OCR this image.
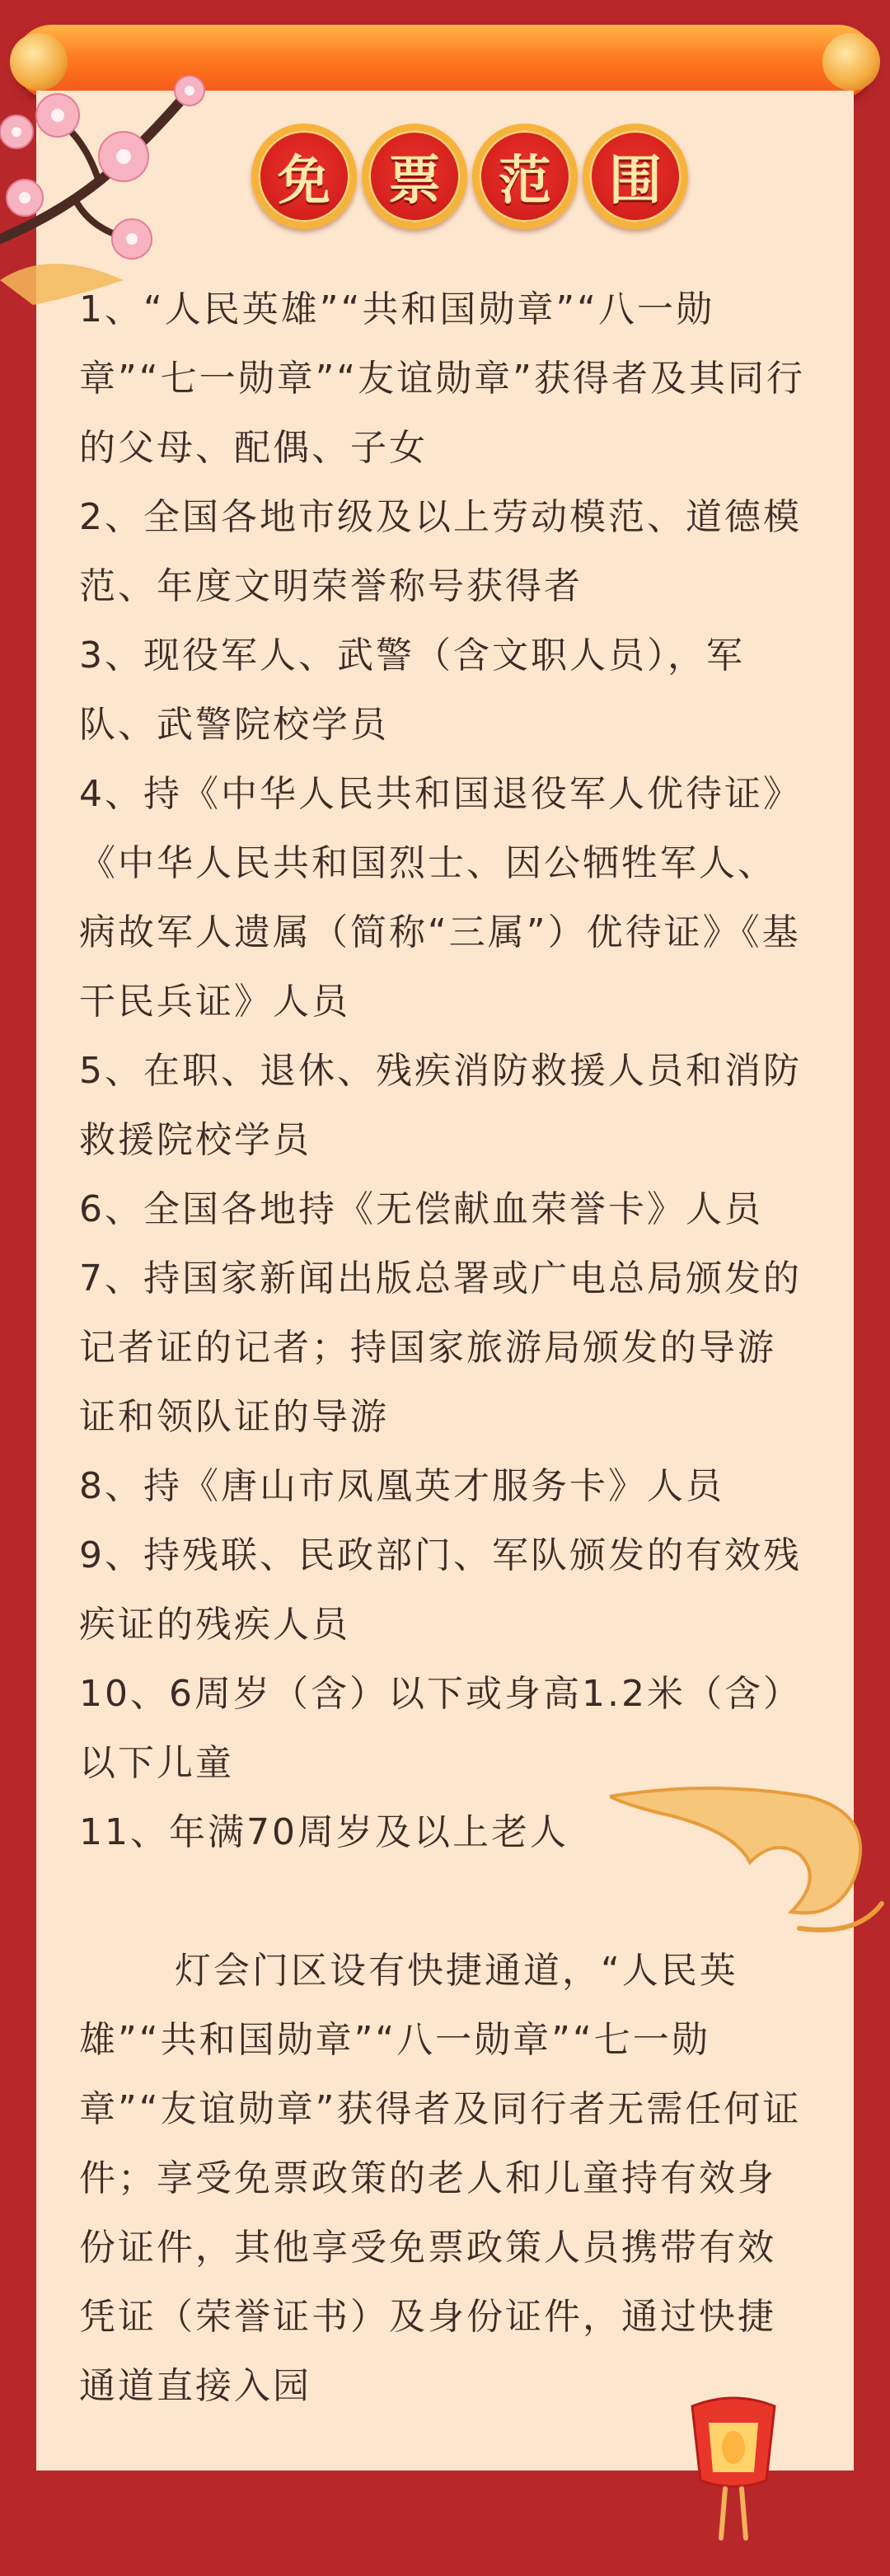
免 票 范 围

1、“人民英雄”“共和国勋章”“八一勋章”“七一勋章”“友谊勋章”获得者及其同行的父母、配偶、子女

2、全国各地市级及以上劳动模范、道德模范、年度文明荣誉称号获得者

3、现役军人、武警（含文职人员），军队、武警院校学员

4、持《中华人民共和国退役军人优待证》《中华人民共和国烈士、因公牺牲军人、病故军人遗属（简称“三属”）优待证》《基干民兵证》人员

5、在职、退休、残疾消防救援人员和消防救援院校学员

6、全国各地持《无偿献血荣誉卡》人员

7、持国家新闻出版总署或广电总局颁发的记者证的记者；持国家旅游局颁发的导游证和领队证的导游

8、持《唐山市凤凰英才服务卡》人员

9、持残联、民政部门、军队颁发的有效残疾证的残疾人员

10、6周岁（含）以下或身高1.2米（含）以下儿童

11、年满70周岁及以上老人

灯会门区设有快捷通道，“人民英雄”“共和国勋章”“八一勋章”“七一勋章”“友谊勋章”获得者及同行者无需任何证件；享受免票政策的老人和儿童持有效身份证件，其他享受免票政策人员携带有效凭证（荣誉证书）及身份证件，通过快捷通道直接入园
